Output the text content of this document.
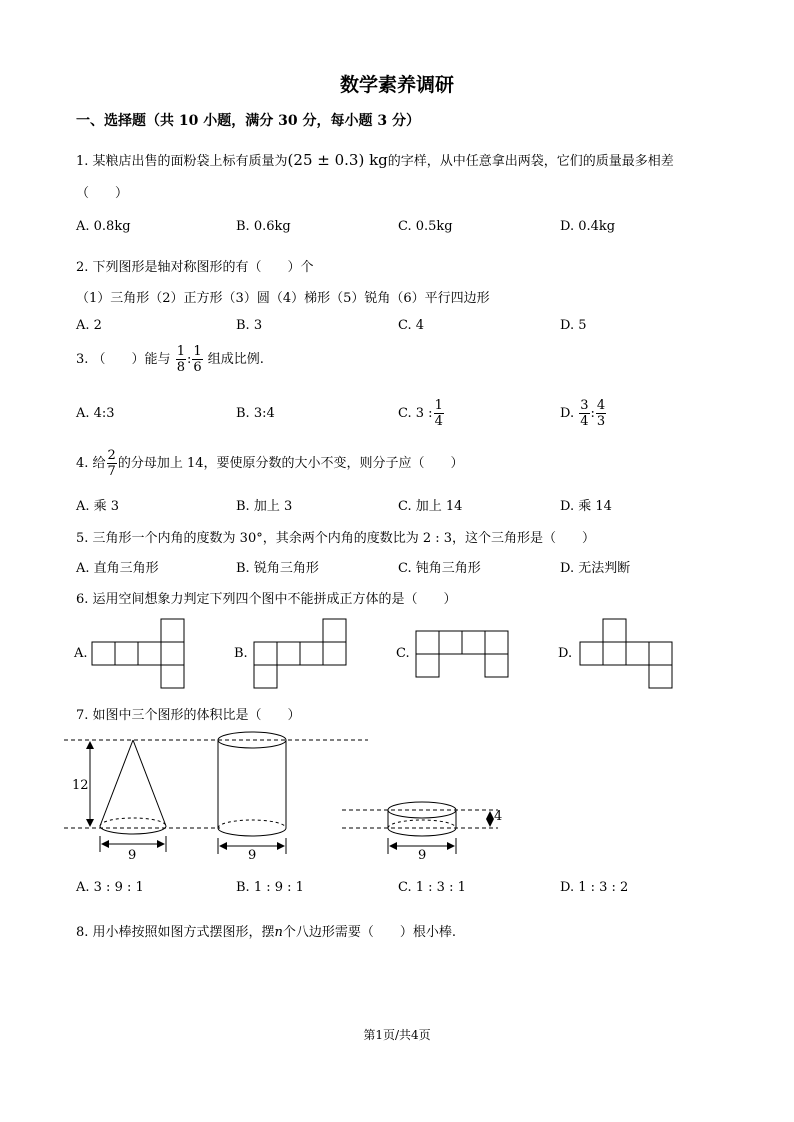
数学素养调研
一、选择题（共 10 小题，满分 30 分，每小题 3 分）
1. 某粮店出售的面粉袋上标有质量为(25 ± 0.3) kg的字样，从中任意拿出两袋，它们的质量最多相差
（　　）
A. 0.8kg	B. 0.6kg	C. 0.5kg	D. 0.4kg
2. 下列图形是轴对称图形的有（　　）个
（1）三角形（2）正方形（3）圆（4）梯形（5）锐角（6）平行四边形
A. 2	B. 3	C. 4	D. 5
3. （　　）能与 $\frac{1}{8}$ : $\frac{1}{6}$ 组成比例.
A. 4:3	B. 3:4	C. 3 : $\frac{1}{4}$	D. $\frac{3}{4}$ : $\frac{4}{3}$
4. 给 $\frac{2}{7}$ 的分母加上 14，要使原分数的大小不变，则分子应（　　）
A. 乘 3	B. 加上 3	C. 加上 14	D. 乘 14
5. 三角形一个内角的度数为 30°，其余两个内角的度数比为 2 : 3，这个三角形是（　　）
A. 直角三角形	B. 锐角三角形	C. 钝角三角形	D. 无法判断
6. 运用空间想象力判定下列四个图中不能拼成正方体的是（　　）
A.	B.	C.	D.
7. 如图中三个图形的体积比是（　　）
12
4
9	9	9
A. 3 : 9 : 1	B. 1 : 9 : 1	C. 1 : 3 : 1	D. 1 : 3 : 2
8. 用小棒按照如图方式摆图形，摆n个八边形需要（　　）根小棒.
第1页/共4页
